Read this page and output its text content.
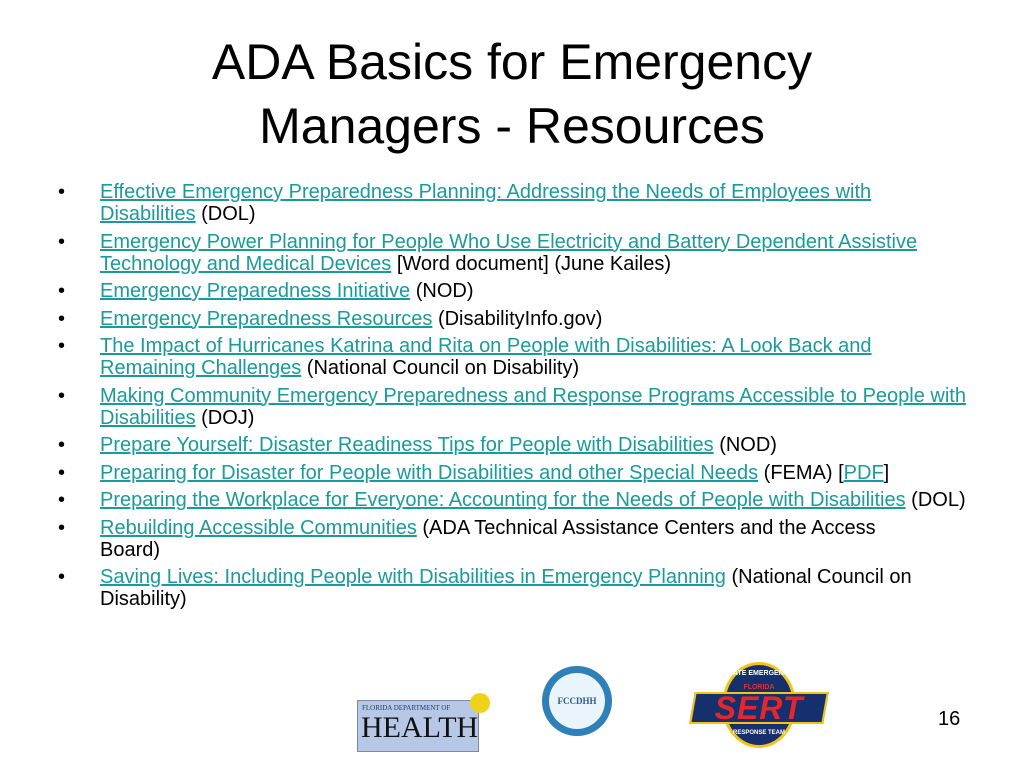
ADA Basics for Emergency
Managers - Resources
• Effective Emergency Preparedness Planning: Addressing the Needs of Employees with Disabilities (DOL)
• Emergency Power Planning for People Who Use Electricity and Battery Dependent Assistive Technology and Medical Devices [Word document] (June Kailes)
• Emergency Preparedness Initiative (NOD)
• Emergency Preparedness Resources (DisabilityInfo.gov)
• The Impact of Hurricanes Katrina and Rita on People with Disabilities: A Look Back and Remaining Challenges (National Council on Disability)
• Making Community Emergency Preparedness and Response Programs Accessible to People with Disabilities (DOJ)
• Prepare Yourself: Disaster Readiness Tips for People with Disabilities (NOD)
• Preparing for Disaster for People with Disabilities and other Special Needs (FEMA) [PDF]
• Preparing the Workplace for Everyone: Accounting for the Needs of People with Disabilities (DOL)
• Rebuilding Accessible Communities (ADA Technical Assistance Centers and the Access Board)
• Saving Lives: Including People with Disabilities in Emergency Planning (National Council on Disability)
FLORIDA DEPARTMENT OF
HEALTH
FCCDHH
STATE EMERGENCY
FLORIDA
SERT
RESPONSE TEAM
16
